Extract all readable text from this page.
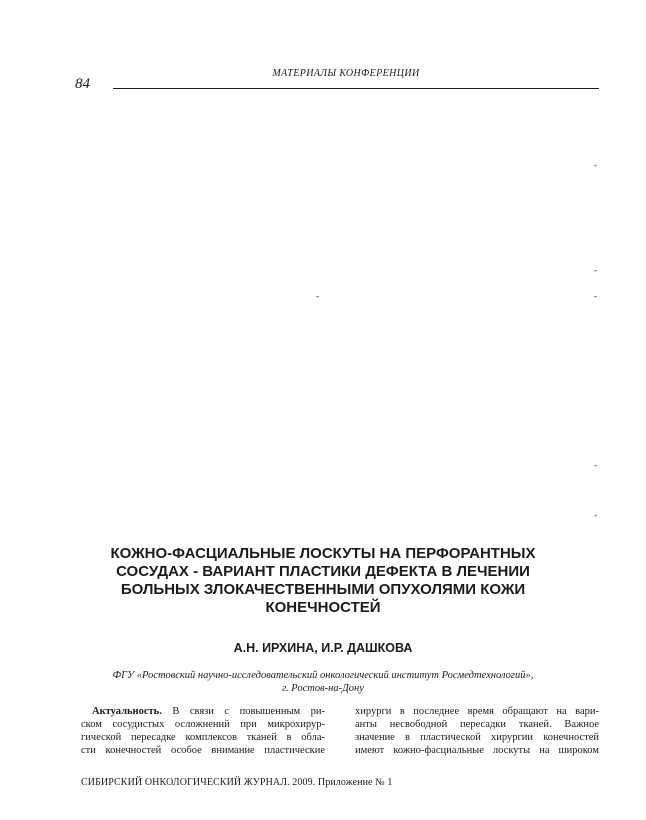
МАТЕРИАЛЫ КОНФЕРЕНЦИИ
84
-
-
-	-
-
-
КОЖНО-ФАСЦИАЛЬНЫЕ ЛОСКУТЫ НА ПЕРФОРАНТНЫХ
СОСУДАХ - ВАРИАНТ ПЛАСТИКИ ДЕФЕКТА В ЛЕЧЕНИИ
БОЛЬНЫХ ЗЛОКАЧЕСТВЕННЫМИ ОПУХОЛЯМИ КОЖИ
КОНЕЧНОСТЕЙ

А.Н. ИРХИНА, И.Р. ДАШКОВА

ФГУ «Ростовский научно-исследовательский онкологический институт Росмедтехнологий»,
г. Ростов-на-Дону

Актуальность. В связи с повышенным ри-
ском сосудистых осложнений при микрохирур-
гической пересадке комплексов тканей в обла-
сти конечностей особое внимание пластические

хирурги в последнее время обращают на вари-
анты несвободной пересадки тканей. Важное
значение в пластической хирургии конечностей
имеют кожно-фасциальные лоскуты на широком

СИБИРСКИЙ ОНКОЛОГИЧЕСКИЙ ЖУРНАЛ. 2009. Приложение № 1
